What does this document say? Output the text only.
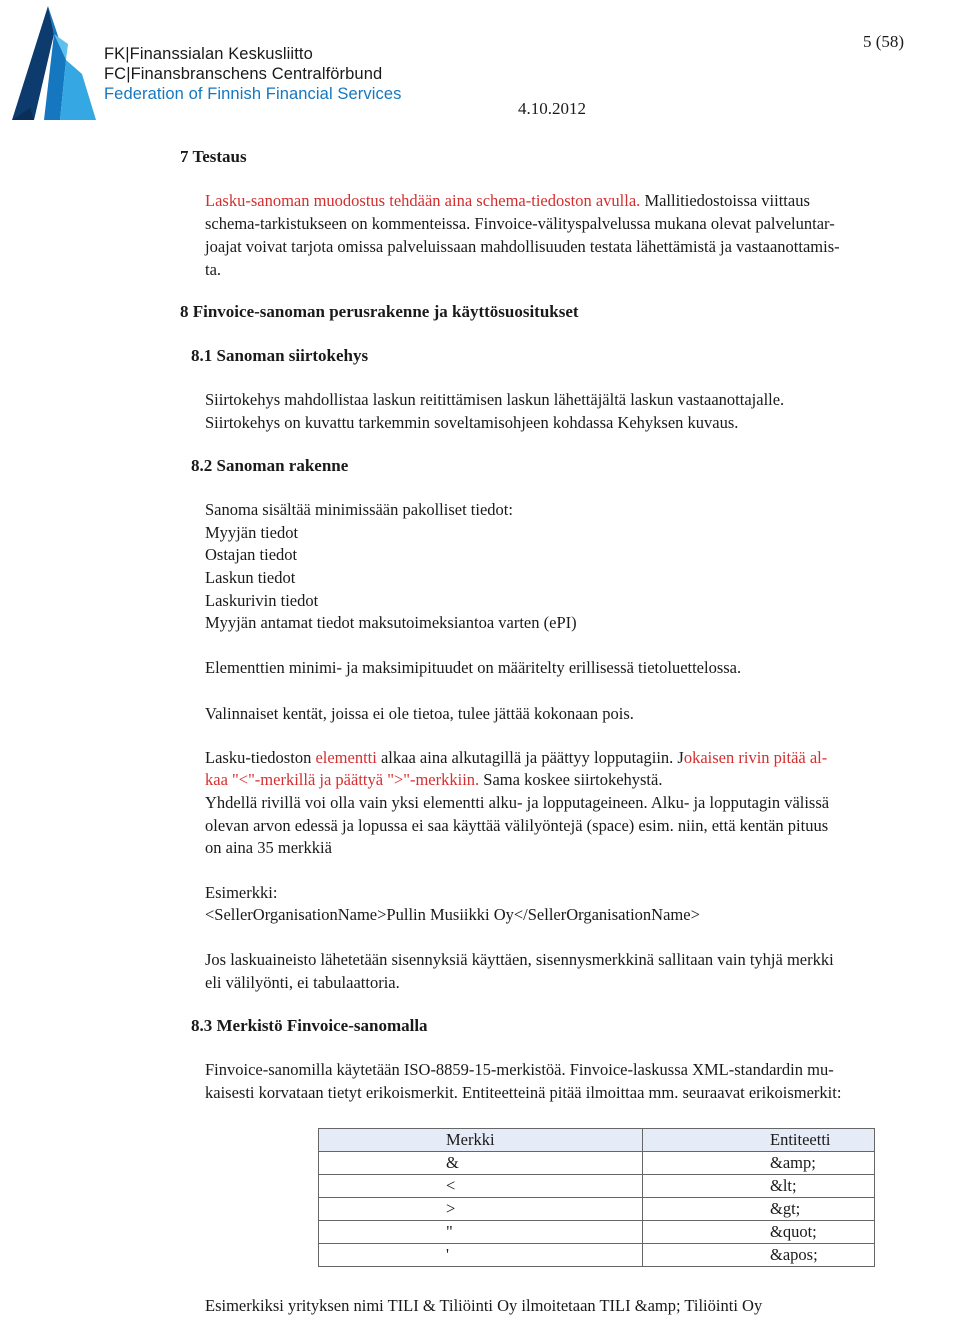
FK|Finanssialan Keskusliitto
FC|Finansbranschens Centralförbund
Federation of Finnish Financial Services
5 (58)
4.10.2012
7 Testaus
Lasku-sanoman muodostus tehdään aina schema-tiedoston avulla. Mallitiedostoissa viittaus
schema-tarkistukseen on kommenteissa. Finvoice-välityspalvelussa mukana olevat palveluntar-
joajat voivat tarjota omissa palveluissaan mahdollisuuden testata lähettämistä ja vastaanottamis-
ta.
8 Finvoice-sanoman perusrakenne ja käyttösuositukset
8.1 Sanoman siirtokehys
Siirtokehys mahdollistaa laskun reitittämisen laskun lähettäjältä laskun vastaanottajalle.
Siirtokehys on kuvattu tarkemmin soveltamisohjeen kohdassa Kehyksen kuvaus.
8.2 Sanoman rakenne
Sanoma sisältää minimissään pakolliset tiedot:
Myyjän tiedot
Ostajan tiedot
Laskun tiedot
Laskurivin tiedot
Myyjän antamat tiedot maksutoimeksiantoa varten (ePI)
Elementtien minimi- ja maksimipituudet on määritelty erillisessä tietoluettelossa.
Valinnaiset kentät, joissa ei ole tietoa, tulee jättää kokonaan pois.
Lasku-tiedoston elementti alkaa aina alkutagillä ja päättyy lopputagiin. Jokaisen rivin pitää al-
kaa "<"-merkillä ja päättyä ">"-merkkiin. Sama koskee siirtokehystä.
Yhdellä rivillä voi olla vain yksi elementti alku- ja lopputageineen. Alku- ja lopputagin välissä
olevan arvon edessä ja lopussa ei saa käyttää välilyöntejä (space) esim. niin, että kentän pituus
on aina 35 merkkiä
Esimerkki:
<SellerOrganisationName>Pullin Musiikki Oy</SellerOrganisationName>
Jos laskuaineisto lähetetään sisennyksiä käyttäen, sisennysmerkkinä sallitaan vain tyhjä merkki
eli välilyönti, ei tabulaattoria.
8.3 Merkistö Finvoice-sanomalla
Finvoice-sanomilla käytetään ISO-8859-15-merkistöä. Finvoice-laskussa XML-standardin mu-
kaisesti korvataan tietyt erikoismerkit. Entiteetteinä pitää ilmoittaa mm. seuraavat erikoismerkit:
Merkki	Entiteetti
&	&amp;
<	&lt;
>	&gt;
"	&quot;
'	&apos;
Esimerkiksi yrityksen nimi TILI & Tiliöinti Oy ilmoitetaan TILI &amp; Tiliöinti Oy
